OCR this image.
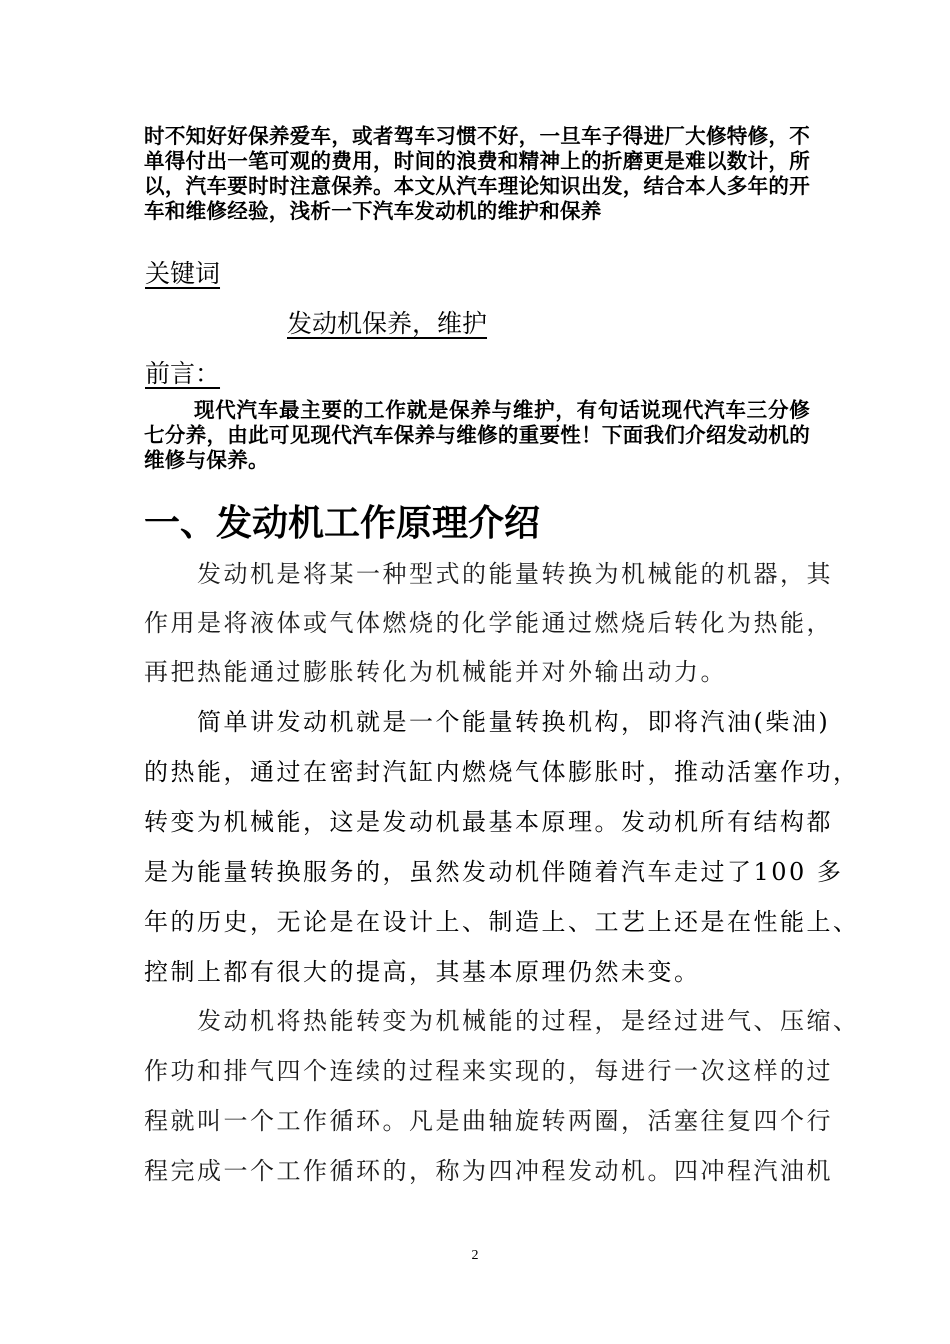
时不知好好保养爱车，或者驾车习惯不好，一旦车子得进厂大修特修，不单得付出一笔可观的费用，时间的浪费和精神上的折磨更是难以数计，所以，汽车要时时注意保养。本文从汽车理论知识出发，结合本人多年的开车和维修经验，浅析一下汽车发动机的维护和保养
关键词
发动机保养，维护
前言：
现代汽车最主要的工作就是保养与维护，有句话说现代汽车三分修七分养，由此可见现代汽车保养与维修的重要性！下面我们介绍发动机的维修与保养。
一、发动机工作原理介绍
　　发动机是将某一种型式的能量转换为机械能的机器，其
作用是将液体或气体燃烧的化学能通过燃烧后转化为热能，
再把热能通过膨胀转化为机械能并对外输出动力。
　　简单讲发动机就是一个能量转换机构，即将汽油(柴油)
的热能，通过在密封汽缸内燃烧气体膨胀时，推动活塞作功，
转变为机械能，这是发动机最基本原理。发动机所有结构都
是为能量转换服务的，虽然发动机伴随着汽车走过了100 多
年的历史，无论是在设计上、制造上、工艺上还是在性能上、
控制上都有很大的提高，其基本原理仍然未变。
　　发动机将热能转变为机械能的过程，是经过进气、压缩、
作功和排气四个连续的过程来实现的，每进行一次这样的过
程就叫一个工作循环。凡是曲轴旋转两圈，活塞往复四个行
程完成一个工作循环的，称为四冲程发动机。四冲程汽油机
2
